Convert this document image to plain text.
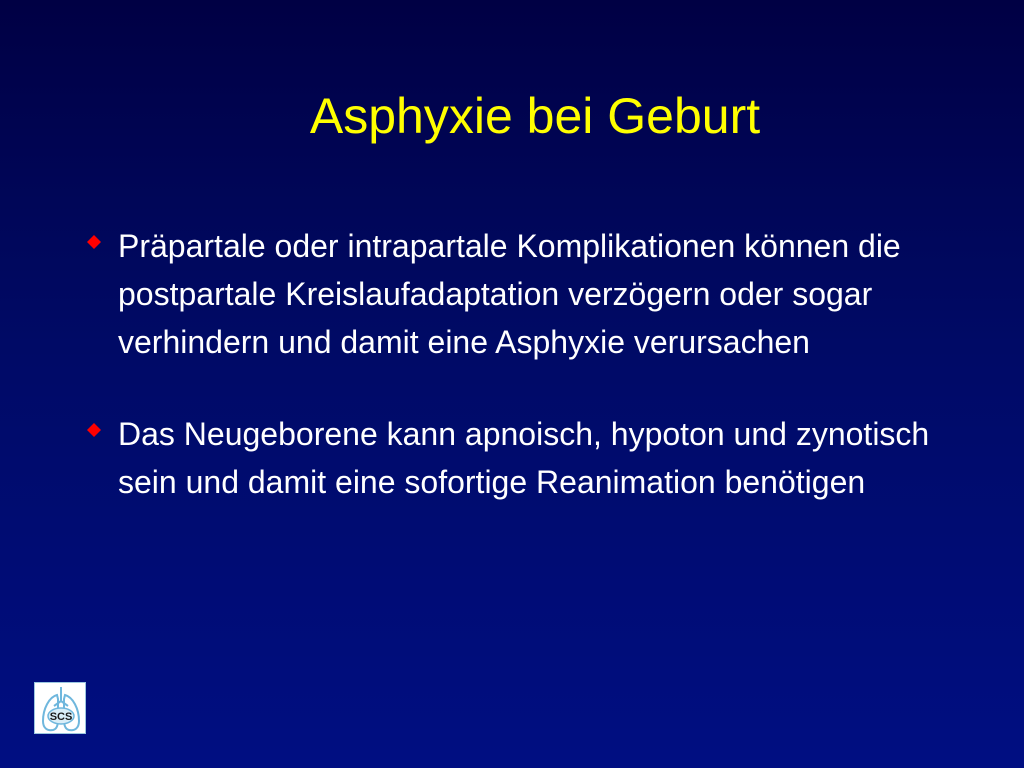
Asphyxie bei Geburt
Präpartale oder intrapartale Komplikationen können die postpartale Kreislaufadaptation verzögern oder sogar verhindern und damit eine Asphyxie verursachen
Das Neugeborene kann apnoisch, hypoton und zynotisch sein und damit eine sofortige Reanimation benötigen
SCS
